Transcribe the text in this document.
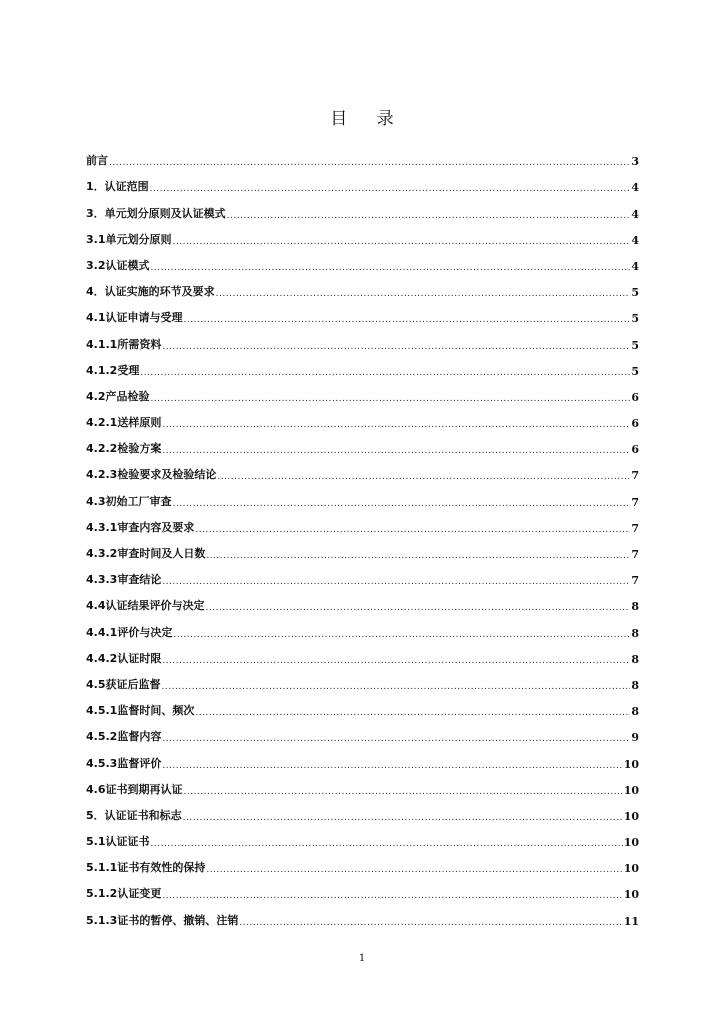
目 录
前言 .....	3
1．认证范围 .....	4
3．单元划分原则及认证模式 .....	4
3.1单元划分原则 .....	4
3.2认证模式 .....	4
4．认证实施的环节及要求 .....	5
4.1认证申请与受理 .....	5
4.1.1所需资料 .....	5
4.1.2受理 .....	5
4.2产品检验 .....	6
4.2.1送样原则 .....	6
4.2.2检验方案 .....	6
4.2.3检验要求及检验结论 .....	7
4.3初始工厂审查 .....	7
4.3.1审查内容及要求 .....	7
4.3.2审查时间及人日数 .....	7
4.3.3审查结论 .....	7
4.4认证结果评价与决定 .....	8
4.4.1评价与决定 .....	8
4.4.2认证时限 .....	8
4.5获证后监督 .....	8
4.5.1监督时间、频次 .....	8
4.5.2监督内容 .....	9
4.5.3监督评价 .....	10
4.6证书到期再认证 .....	10
5．认证证书和标志 .....	10
5.1认证证书 .....	10
5.1.1证书有效性的保持 .....	10
5.1.2认证变更 .....	10
5.1.3证书的暂停、撤销、注销 .....	11
1
